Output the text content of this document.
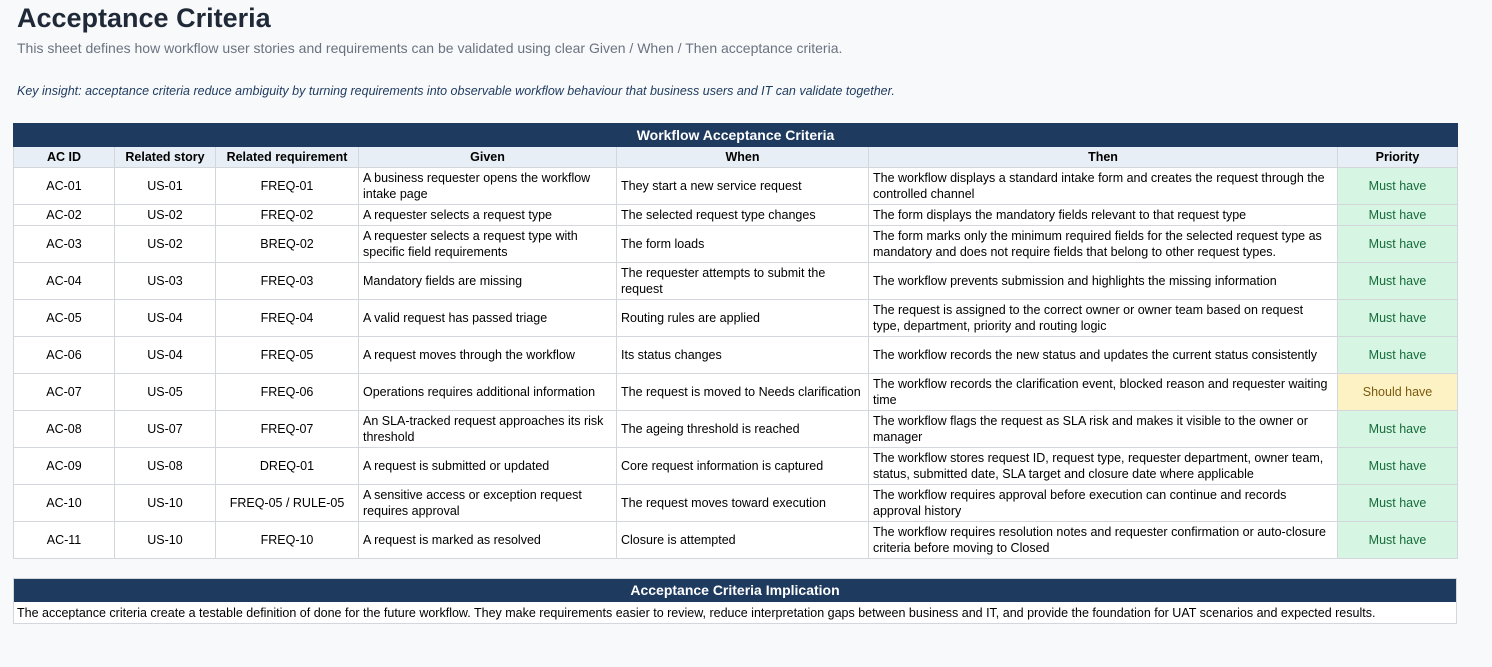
Acceptance Criteria
This sheet defines how workflow user stories and requirements can be validated using clear Given / When / Then acceptance criteria.
Key insight: acceptance criteria reduce ambiguity by turning requirements into observable workflow behaviour that business users and IT can validate together.
Workflow Acceptance Criteria						
AC ID	Related story	Related requirement	Given	When	Then	Priority
AC-01	US-01	FREQ-01	A business requester opens the workflow intake page	They start a new service request	The workflow displays a standard intake form and creates the request through the controlled channel	Must have
AC-02	US-02	FREQ-02	A requester selects a request type	The selected request type changes	The form displays the mandatory fields relevant to that request type	Must have
AC-03	US-02	BREQ-02	A requester selects a request type with specific field requirements	The form loads	The form marks only the minimum required fields for the selected request type as mandatory and does not require fields that belong to other request types.	Must have
AC-04	US-03	FREQ-03	Mandatory fields are missing	The requester attempts to submit the request	The workflow prevents submission and highlights the missing information	Must have
AC-05	US-04	FREQ-04	A valid request has passed triage	Routing rules are applied	The request is assigned to the correct owner or owner team based on request type, department, priority and routing logic	Must have
AC-06	US-04	FREQ-05	A request moves through the workflow	Its status changes	The workflow records the new status and updates the current status consistently	Must have
AC-07	US-05	FREQ-06	Operations requires additional information	The request is moved to Needs clarification	The workflow records the clarification event, blocked reason and requester waiting time	Should have
AC-08	US-07	FREQ-07	An SLA-tracked request approaches its risk threshold	The ageing threshold is reached	The workflow flags the request as SLA risk and makes it visible to the owner or manager	Must have
AC-09	US-08	DREQ-01	A request is submitted or updated	Core request information is captured	The workflow stores request ID, request type, requester department, owner team, status, submitted date, SLA target and closure date where applicable	Must have
AC-10	US-10	FREQ-05 / RULE-05	A sensitive access or exception request requires approval	The request moves toward execution	The workflow requires approval before execution can continue and records approval history	Must have
AC-11	US-10	FREQ-10	A request is marked as resolved	Closure is attempted	The workflow requires resolution notes and requester confirmation or auto-closure criteria before moving to Closed	Must have
Acceptance Criteria Implication
The acceptance criteria create a testable definition of done for the future workflow. They make requirements easier to review, reduce interpretation gaps between business and IT, and provide the foundation for UAT scenarios and expected results.
